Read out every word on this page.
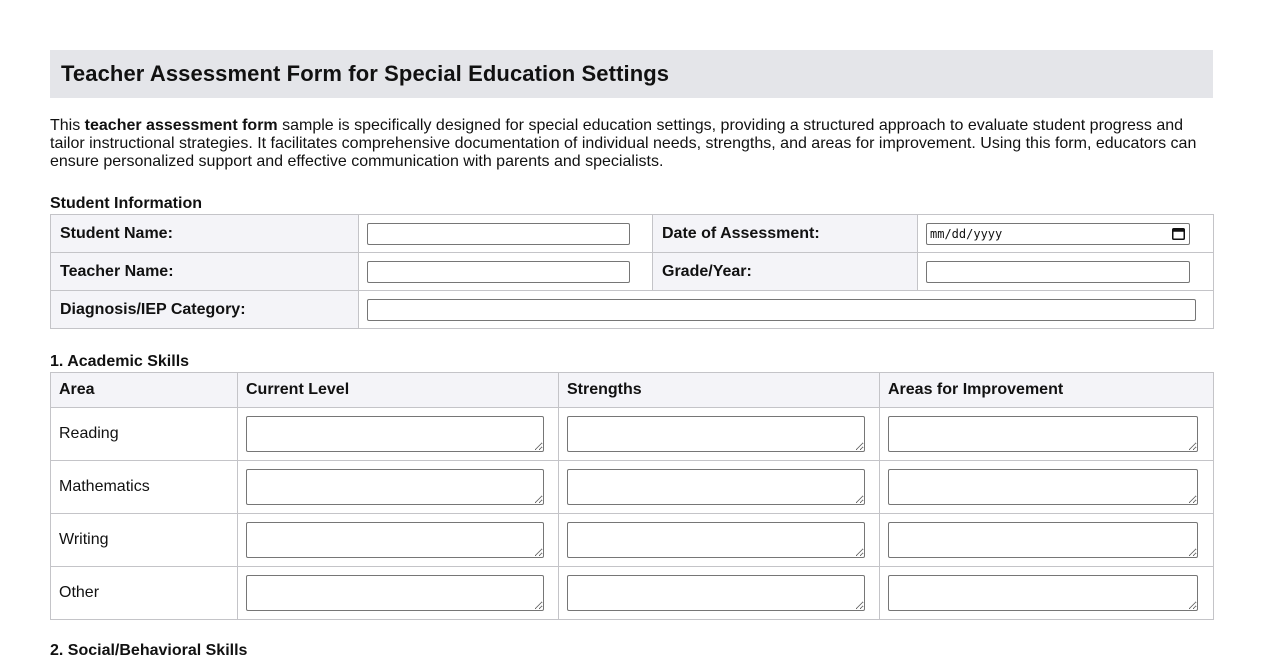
Teacher Assessment Form for Special Education Settings

This teacher assessment form sample is specifically designed for special education settings, providing a structured approach to evaluate student progress and tailor instructional strategies. It facilitates comprehensive documentation of individual needs, strengths, and areas for improvement. Using this form, educators can ensure personalized support and effective communication with parents and specialists.

Student Information
Student Name:		Date of Assessment:	mm/dd/yyyy

Teacher Name:		Grade/Year:	
Diagnosis/IEP Category:	
1. Academic Skills
Area	Current Level	Strengths	Areas for Improvement
Reading	

Mathematics	

Writing	

Other	

2. Social/Behavioral Skills
